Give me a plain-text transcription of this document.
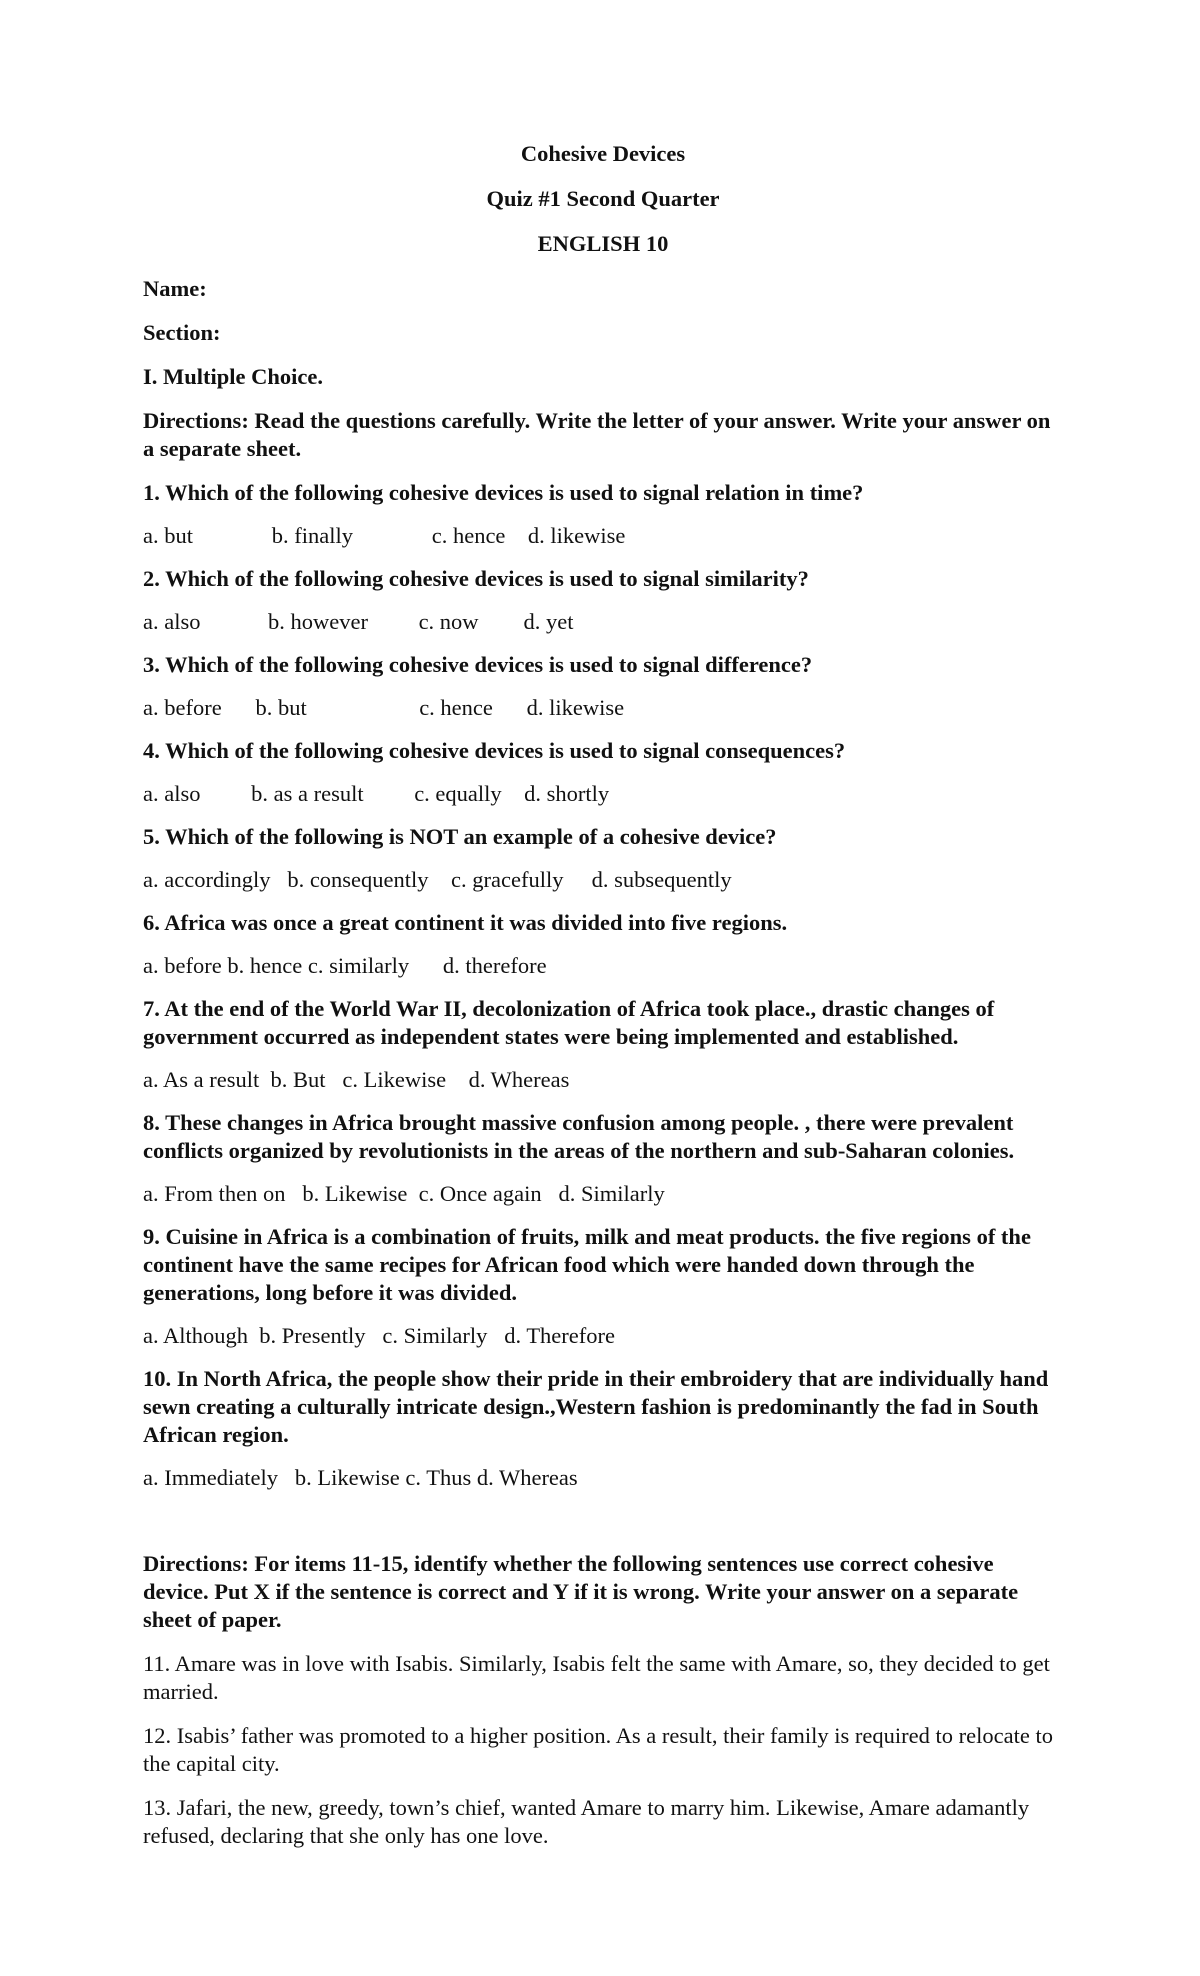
Cohesive Devices
Quiz #1 Second Quarter
ENGLISH 10
Name:
Section:
I. Multiple Choice.
Directions: Read the questions carefully. Write the letter of your answer. Write your answer on a separate sheet.
1. Which of the following cohesive devices is used to signal relation in time?
a. but              b. finally              c. hence    d. likewise
2. Which of the following cohesive devices is used to signal similarity?
a. also            b. however         c. now        d. yet
3. Which of the following cohesive devices is used to signal difference?
a. before      b. but                    c. hence      d. likewise
4. Which of the following cohesive devices is used to signal consequences?
a. also         b. as a result         c. equally    d. shortly
5. Which of the following is NOT an example of a cohesive device?
a. accordingly   b. consequently    c. gracefully     d. subsequently
6. Africa was once a great continent it was divided into five regions.
a. before b. hence c. similarly      d. therefore
7. At the end of the World War II, decolonization of Africa took place., drastic changes of government occurred as independent states were being implemented and established.
a. As a result  b. But   c. Likewise    d. Whereas
8. These changes in Africa brought massive confusion among people. , there were prevalent conflicts organized by revolutionists in the areas of the northern and sub-Saharan colonies.
a. From then on   b. Likewise  c. Once again   d. Similarly
9. Cuisine in Africa is a combination of fruits, milk and meat products. the five regions of the continent have the same recipes for African food which were handed down through the generations, long before it was divided.
a. Although  b. Presently   c. Similarly   d. Therefore
10. In North Africa, the people show their pride in their embroidery that are individually hand sewn creating a culturally intricate design.,Western fashion is predominantly the fad in South African region.
a. Immediately   b. Likewise c. Thus d. Whereas
Directions: For items 11-15, identify whether the following sentences use correct cohesive device. Put X if the sentence is correct and Y if it is wrong. Write your answer on a separate sheet of paper.
11. Amare was in love with Isabis. Similarly, Isabis felt the same with Amare, so, they decided to get married.
12. Isabis’ father was promoted to a higher position. As a result, their family is required to relocate to the capital city.
13. Jafari, the new, greedy, town’s chief, wanted Amare to marry him. Likewise, Amare adamantly refused, declaring that she only has one love.
